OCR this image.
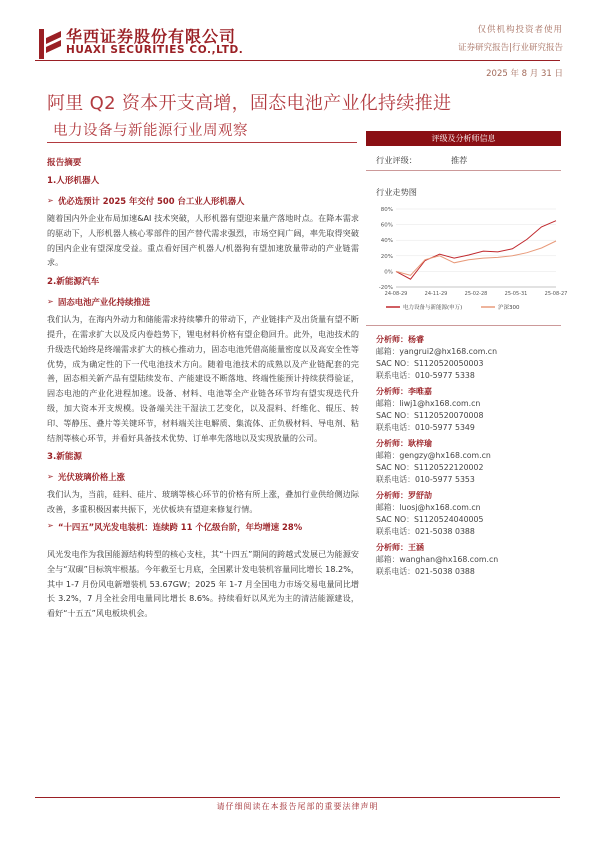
华西证券股份有限公司
HUAXI SECURITIES CO.,LTD.
仅供机构投资者使用
证券研究报告|行业研究报告
2025 年 8 月 31 日
阿里 Q2 资本开支高增，固态电池产业化持续推进
电力设备与新能源行业周观察
报告摘要
1.人形机器人
➢ 优必选预计 2025 年交付 500 台工业人形机器人

随着国内外企业布局加速&AI 技术突破，人形机器有望迎来量产落地时点。在降本需求的驱动下，人形机器人核心零部件的国产替代需求强烈，市场空间广阔，率先取得突破的国内企业有望深度受益。重点看好国产机器人/机器狗有望加速放量带动的产业链需求。

2.新能源汽车
➢ 固态电池产业化持续推进

我们认为，在海内外动力和储能需求持续攀升的带动下，产业链排产及出货量有望不断提升，在需求扩大以及反内卷趋势下，锂电材料价格有望企稳回升。此外，电池技术的升级迭代始终是终端需求扩大的核心推动力，固态电池凭借高能量密度以及高安全性等优势，成为确定性的下一代电池技术方向。随着电池技术的成熟以及产业链配套的完善，固态相关新产品有望陆续发布、产能建设不断落地、终端性能预计持续获得验证，固态电池的产业化进程加速。设备、材料、电池等全产业链各环节均有望实现迭代升级，加大资本开支规模。设备端关注干湿法工艺变化，以及混料、纤维化、辊压、转印、等静压、叠片等关键环节，材料端关注电解质、集流体、正负极材料、导电剂、粘结剂等核心环节，并看好具备技术优势、订单率先落地以及实现放量的公司。

3.新能源
➢ 光伏玻璃价格上涨

我们认为，当前，硅料、硅片、玻璃等核心环节的价格有所上涨，叠加行业供给侧边际改善，多重积极因素共振下，光伏板块有望迎来修复行情。

➢ “十四五”风光发电装机：连续跨 11 个亿级台阶，年均增速 28%

风光发电作为我国能源结构转型的核心支柱，其“十四五”期间的跨越式发展已为能源安全与“双碳”目标筑牢根基。今年截至七月底，全国累计发电装机容量同比增长 18.2%，其中 1-7 月份风电新增装机 53.67GW；2025 年 1-7 月全国电力市场交易电量同比增长 3.2%，7 月全社会用电量同比增长 8.6%。持续看好以风光为主的清洁能源建设，看好“十五五”风电板块机会。

评级及分析师信息
行业评级：	推荐
行业走势图
80%
60%
40%
20%
0%
-20%
24-08-29	24-11-29	25-02-28	25-05-31	25-08-27
电力设备与新能源(申万)	沪深300
分析师：杨睿
邮箱：yangrui2@hx168.com.cn
SAC NO：S1120520050003
联系电话：010-5977 5338
分析师：李唯嘉
邮箱：liwj1@hx168.com.cn
SAC NO：S1120520070008
联系电话：010-5977 5349
分析师：耿梓瑜
邮箱：gengzy@hx168.com.cn
SAC NO：S1120522120002
联系电话：010-5977 5353
分析师：罗舒劼
邮箱：luosj@hx168.com.cn
SAC NO：S1120524040005
联系电话：021-5038 0388
分析师：王涵
邮箱：wanghan@hx168.com.cn
联系电话：021-5038 0388
请仔细阅读在本报告尾部的重要法律声明
